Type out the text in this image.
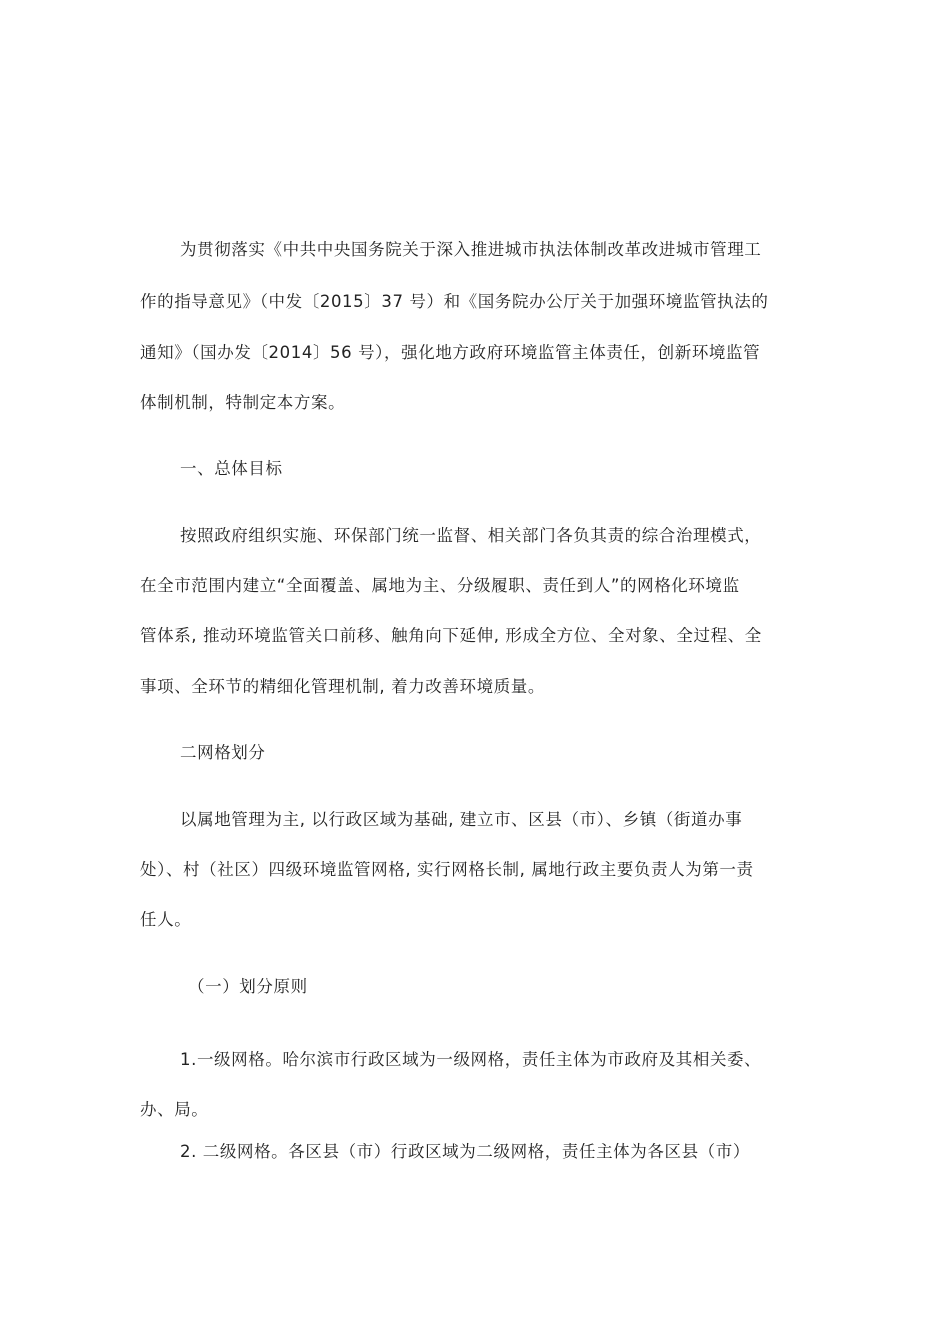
为贯彻落实《中共中央国务院关于深入推进城市执法体制改革改进城市管理工

作的指导意见》（中发〔2015〕37 号）和《国务院办公厅关于加强环境监管执法的

通知》（国办发〔2014〕56 号），强化地方政府环境监管主体责任，创新环境监管

体制机制，特制定本方案。

一、总体目标

按照政府组织实施、环保部门统一监督、相关部门各负其责的综合治理模式，

在全市范围内建立“全面覆盖、属地为主、分级履职、责任到人”的网格化环境监

管体系, 推动环境监管关口前移、触角向下延伸, 形成全方位、全对象、全过程、全

事项、全环节的精细化管理机制, 着力改善环境质量。

二网格划分

以属地管理为主, 以行政区域为基础, 建立市、区县（市）、乡镇（街道办事

处）、村（社区）四级环境监管网格, 实行网格长制, 属地行政主要负责人为第一责

任人。

（一）划分原则

1.一级网格。哈尔滨市行政区域为一级网格，责任主体为市政府及其相关委、

办、局。

2. 二级网格。各区县（市）行政区域为二级网格，责任主体为各区县（市）
